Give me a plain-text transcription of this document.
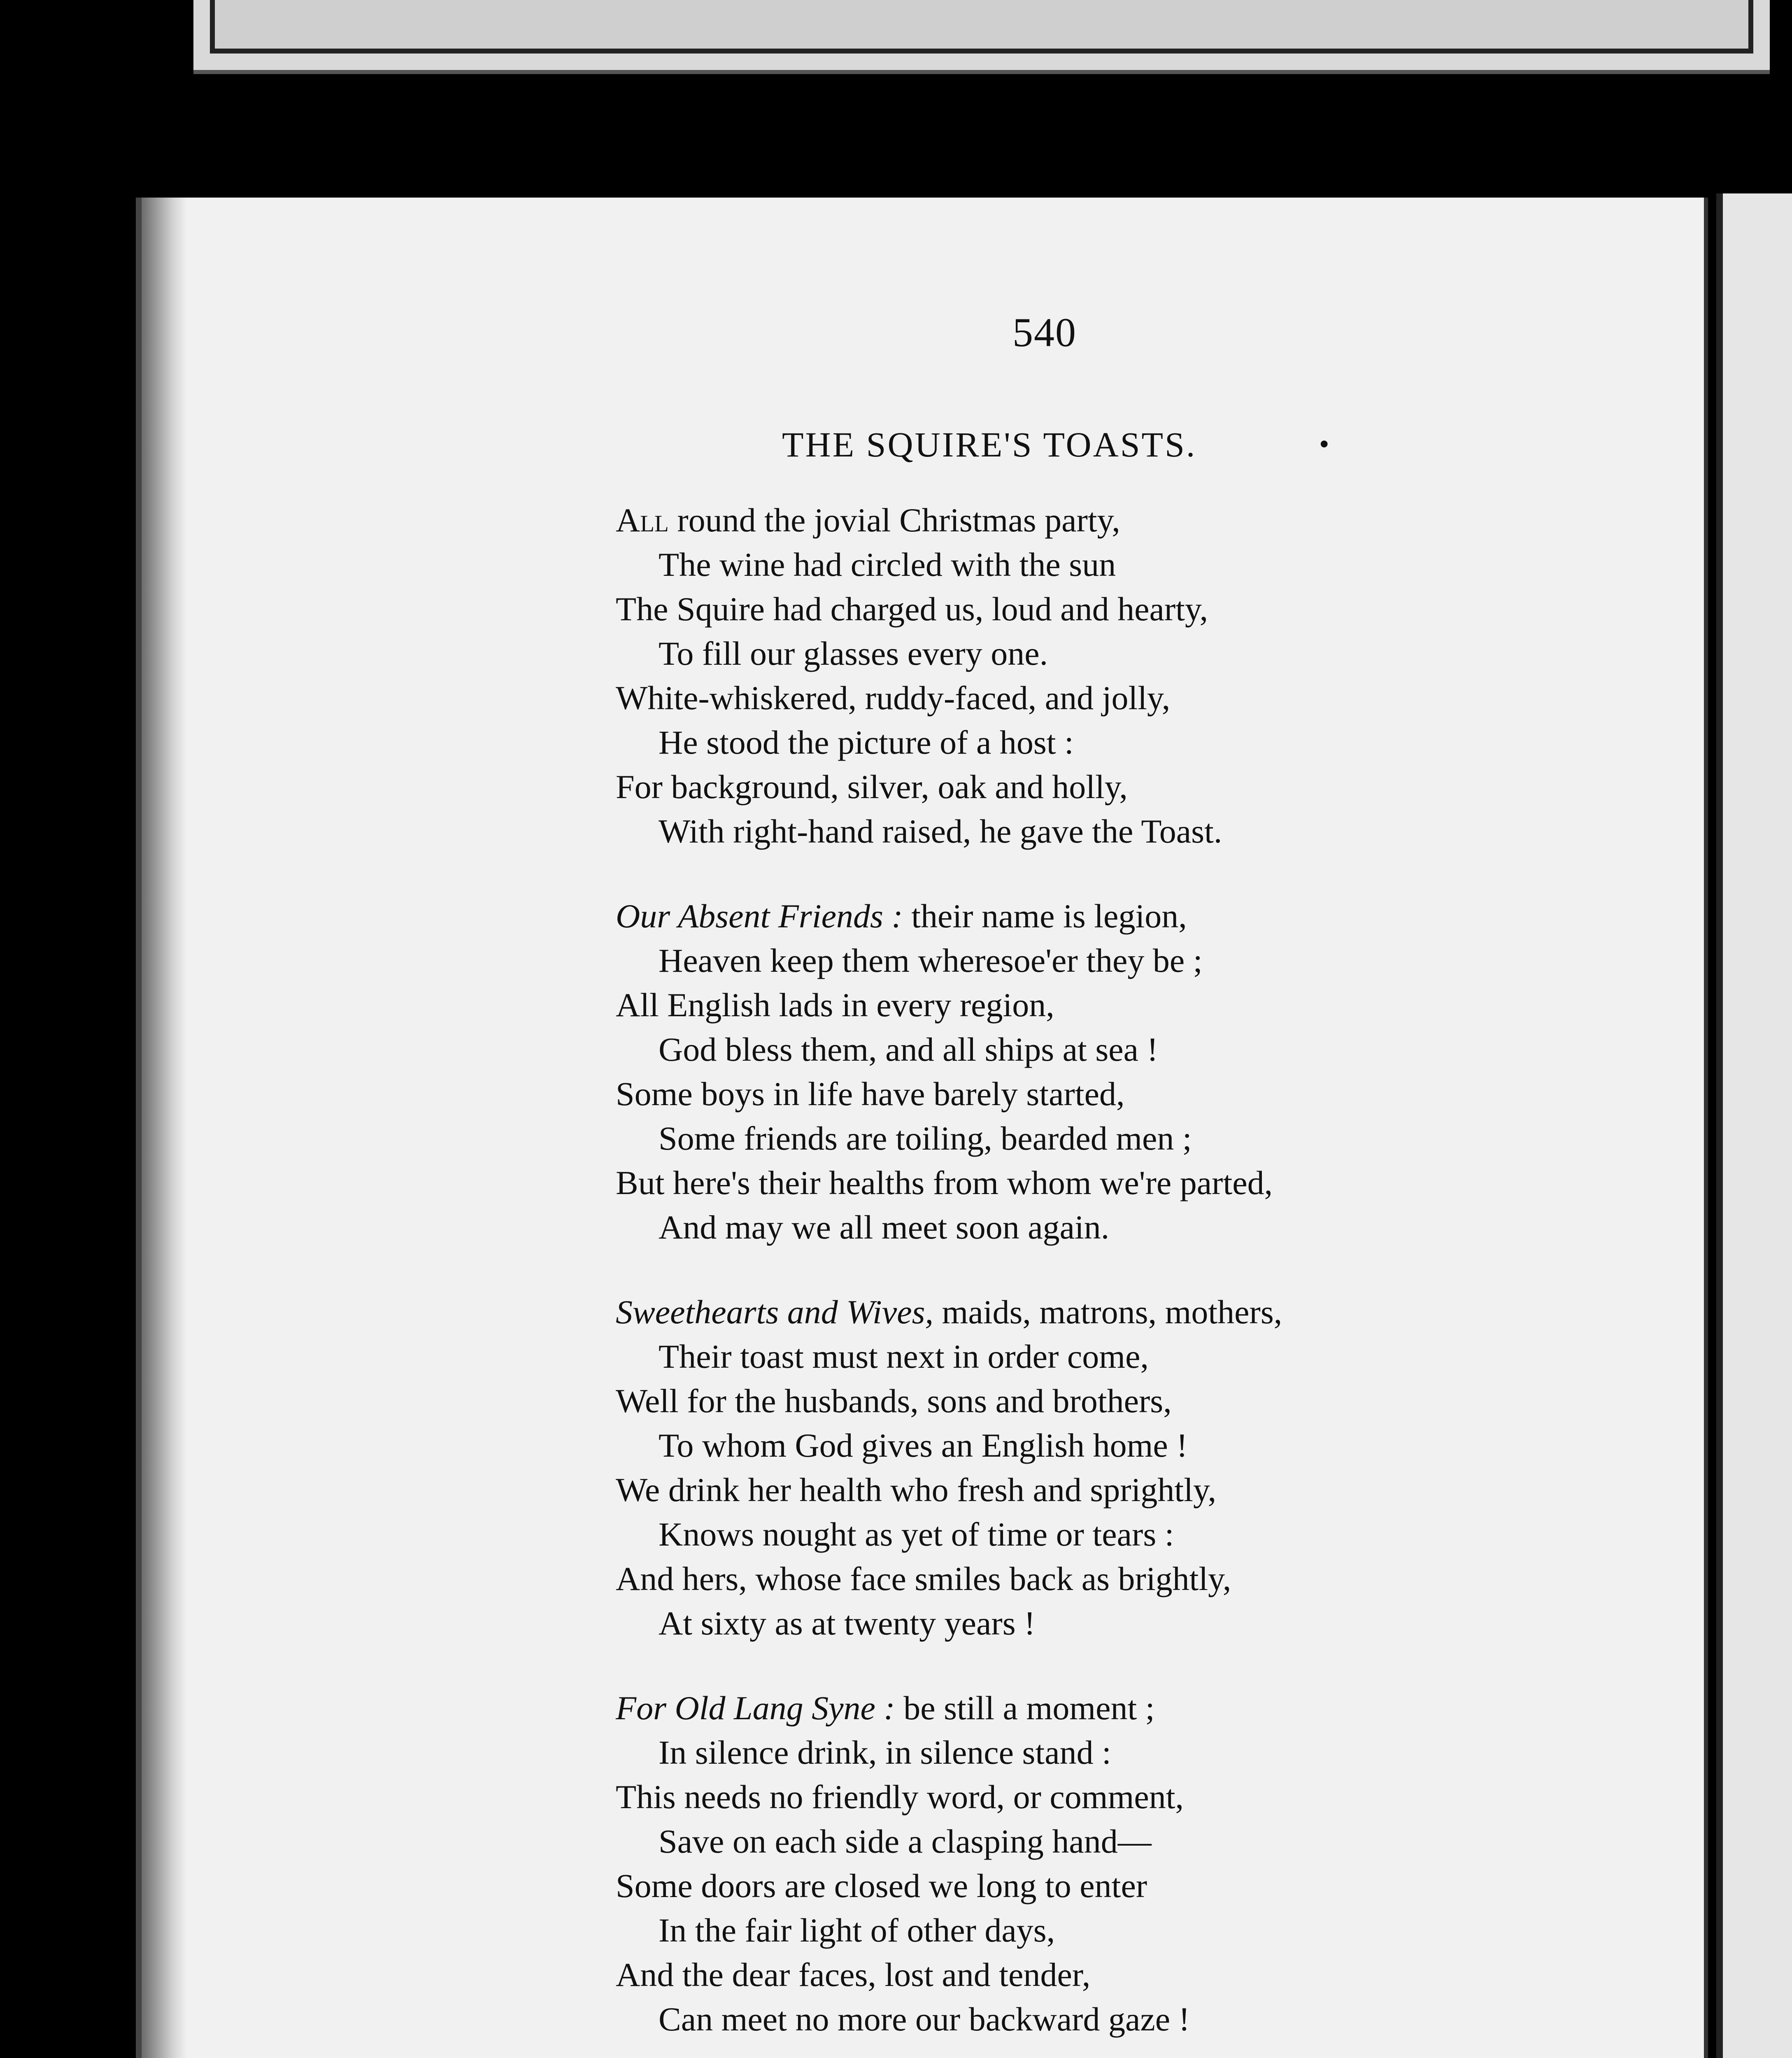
540
THE SQUIRE'S TOASTS.	•
All round the jovial Christmas party,
The wine had circled with the sun
The Squire had charged us, loud and hearty,
To fill our glasses every one.
White-whiskered, ruddy-faced, and jolly,
He stood the picture of a host :
For background, silver, oak and holly,
With right-hand raised, he gave the Toast.
Our Absent Friends : their name is legion,
Heaven keep them wheresoe'er they be ;
All English lads in every region,
God bless them, and all ships at sea !
Some boys in life have barely started,
Some friends are toiling, bearded men ;
But here's their healths from whom we're parted,
And may we all meet soon again.
Sweethearts and Wives, maids, matrons, mothers,
Their toast must next in order come,
Well for the husbands, sons and brothers,
To whom God gives an English home !
We drink her health who fresh and sprightly,
Knows nought as yet of time or tears :
And hers, whose face smiles back as brightly,
At sixty as at twenty years !
For Old Lang Syne : be still a moment ;
In silence drink, in silence stand :
This needs no friendly word, or comment,
Save on each side a clasping hand—
Some doors are closed we long to enter
In the fair light of other days,
And the dear faces, lost and tender,
Can meet no more our backward gaze !
